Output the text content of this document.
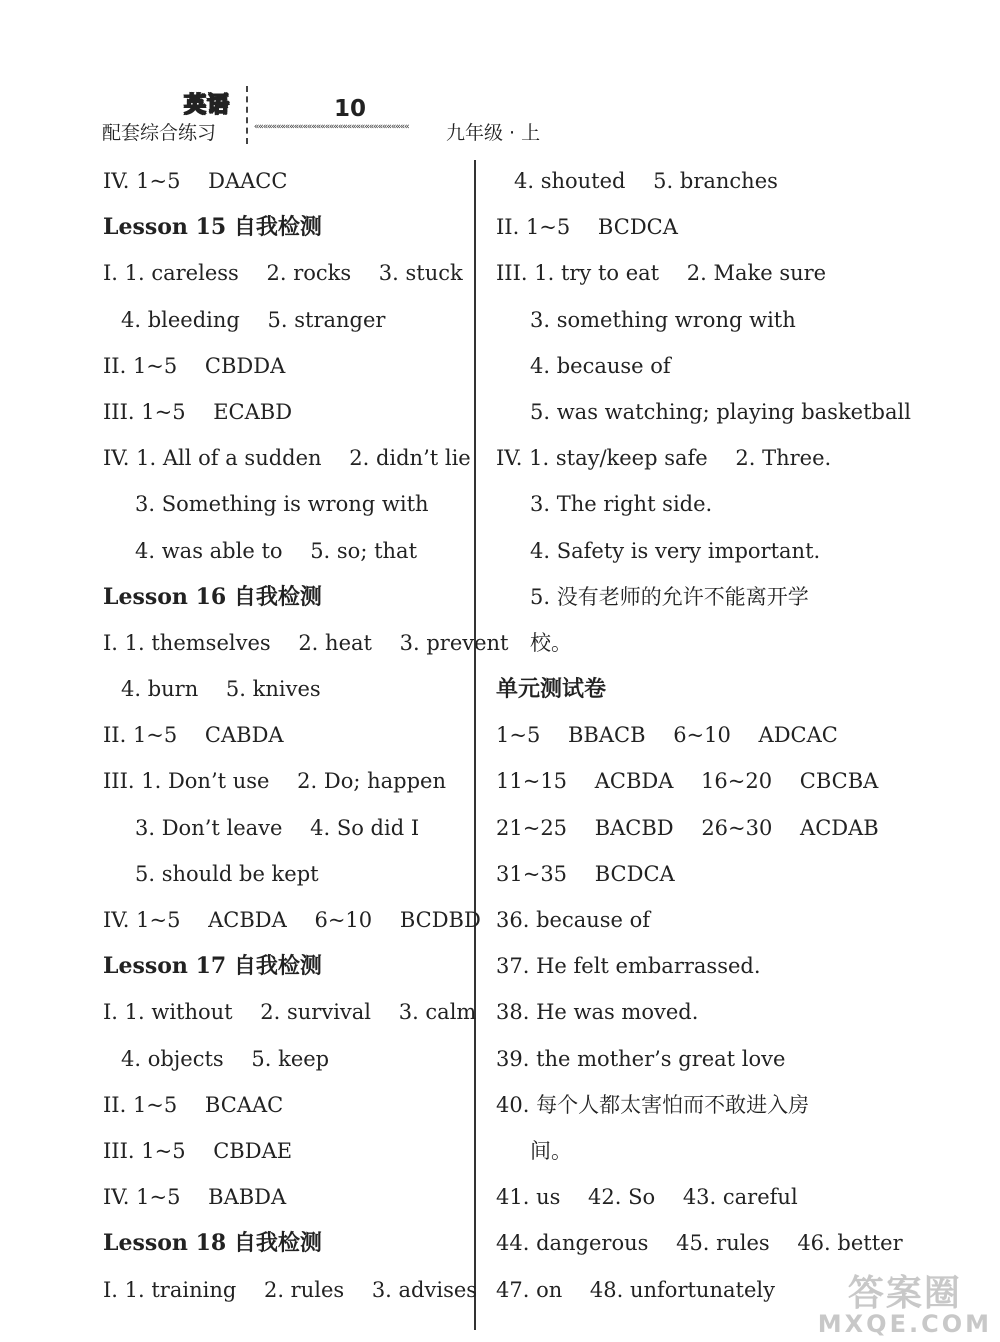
英语
配套综合练习
10
«««««««««««««««««««««««««««««««««««	九年级 · 上
IV. 1~5 　DAACC
Lesson 15 自我检测
I. 1. careless 　2. rocks 　3. stuck
4. bleeding 　5. stranger
II. 1~5 　CBDDA
III. 1~5 　ECABD
IV. 1. All of a sudden 　2. didn’t lie
3. Something is wrong with
4. was able to 　5. so; that
Lesson 16 自我检测
I. 1. themselves 　2. heat 　3. prevent
4. burn 　5. knives
II. 1~5 　CABDA
III. 1. Don’t use 　2. Do; happen
3. Don’t leave 　4. So did I
5. should be kept
IV. 1~5 　ACBDA 　6~10 　BCDBD
Lesson 17 自我检测
I. 1. without 　2. survival 　3. calm
4. objects 　5. keep
II. 1~5 　BCAAC
III. 1~5 　CBDAE
IV. 1~5 　BABDA
Lesson 18 自我检测
I. 1. training 　2. rules 　3. advises
4. shouted 　5. branches
II. 1~5 　BCDCA
III. 1. try to eat 　2. Make sure
3. something wrong with
4. because of
5. was watching; playing basketball
IV. 1. stay/keep safe 　2. Three.
3. The right side.
4. Safety is very important.
5. 没有老师的允许不能离开学
校。
单元测试卷
1~5 　BBACB 　6~10 　ADCAC
11~15 　ACBDA 　16~20 　CBCBA
21~25 　BACBD 　26~30 　ACDAB
31~35 　BCDCA
36. because of
37. He felt embarrassed.
38. He was moved.
39. the mother’s great love
40. 每个人都太害怕而不敢进入房
间。
41. us 　42. So 　43. careful
44. dangerous 　45. rules 　46. better
47. on 　48. unfortunately	答案圈
MXQE.COM
